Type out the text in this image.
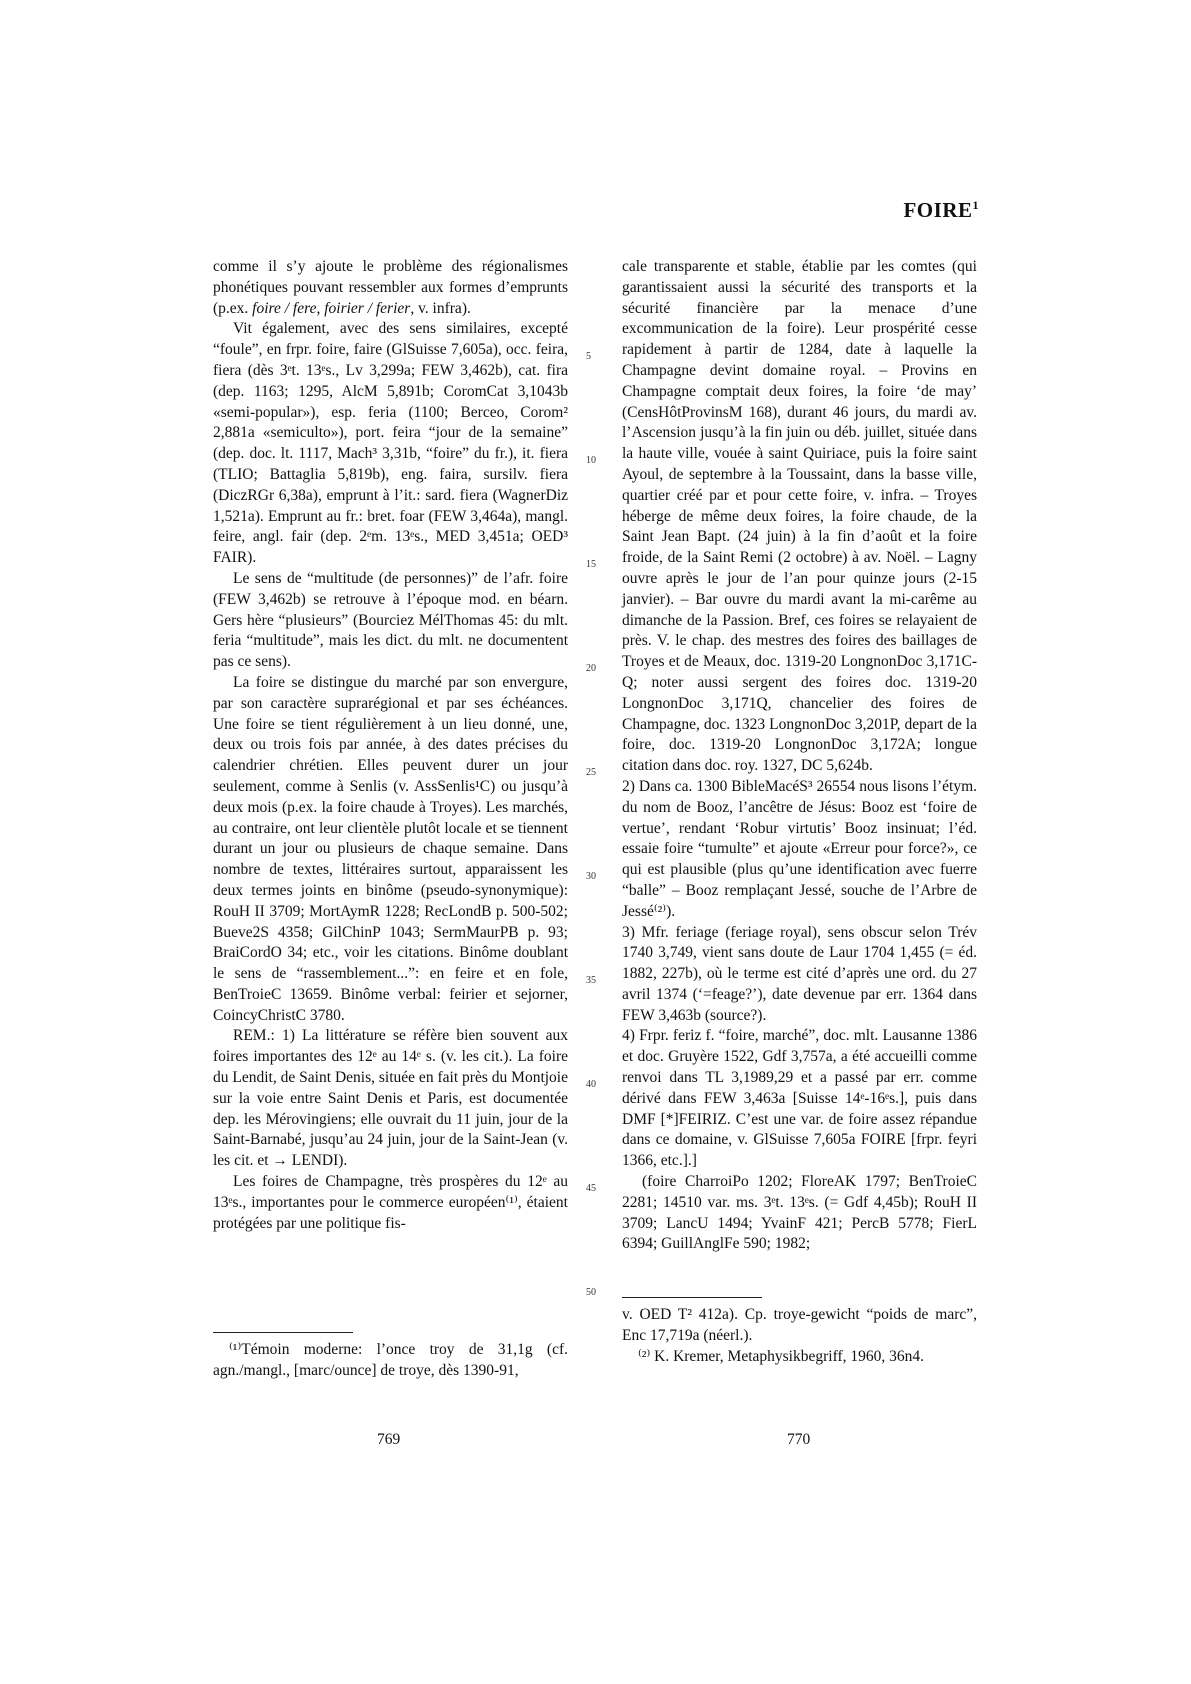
FOIRE$^1$

comme il s’y ajoute le problème des régionalismes phonétiques pouvant ressembler aux formes d’emprunts (p.ex. foire / fere, foirier / ferier, v. infra).

Vit également, avec des sens similaires, excepté “foule”, en frpr. foire, faire (GlSuisse 7,605a), occ. feira, fiera (dès 3ᵉt. 13ᵉs., Lv 3,299a; FEW 3,462b), cat. fira (dep. 1163; 1295, AlcM 5,891b; CoromCat 3,1043b «semi-popular»), esp. feria (1100; Berceo, Corom² 2,881a «semiculto»), port. feira “jour de la semaine” (dep. doc. lt. 1117, Mach³ 3,31b, “foire” du fr.), it. fiera (TLIO; Battaglia 5,819b), eng. faira, sursilv. fiera (DiczRGr 6,38a), emprunt à l’it.: sard. fiera (WagnerDiz 1,521a). Emprunt au fr.: bret. foar (FEW 3,464a), mangl. feire, angl. fair (dep. 2ᵉm. 13ᵉs., MED 3,451a; OED³ FAIR).

Le sens de “multitude (de personnes)” de l’afr. foire (FEW 3,462b) se retrouve à l’époque mod. en béarn. Gers hère “plusieurs” (Bourciez MélThomas 45: du mlt. feria “multitude”, mais les dict. du mlt. ne documentent pas ce sens).

La foire se distingue du marché par son envergure, par son caractère suprarégional et par ses échéances. Une foire se tient régulièrement à un lieu donné, une, deux ou trois fois par année, à des dates précises du calendrier chrétien. Elles peuvent durer un jour seulement, comme à Senlis (v. AssSenlis¹C) ou jusqu’à deux mois (p.ex. la foire chaude à Troyes). Les marchés, au contraire, ont leur clientèle plutôt locale et se tiennent durant un jour ou plusieurs de chaque semaine. Dans nombre de textes, littéraires surtout, apparaissent les deux termes joints en binôme (pseudo-synonymique): RouH II 3709; MortAymR 1228; RecLondB p. 500-502; Bueve2S 4358; GilChinP 1043; SermMaurPB p. 93; BraiCordO 34; etc., voir les citations. Binôme doublant le sens de “rassemblement...”: en feire et en fole, BenTroieC 13659. Binôme verbal: feirier et sejorner, CoincyChristC 3780.

REM.: 1) La littérature se réfère bien souvent aux foires importantes des 12ᵉ au 14ᵉ s. (v. les cit.). La foire du Lendit, de Saint Denis, située en fait près du Montjoie sur la voie entre Saint Denis et Paris, est documentée dep. les Mérovingiens; elle ouvrait du 11 juin, jour de la Saint-Barnabé, jusqu’au 24 juin, jour de la Saint-Jean (v. les cit. et → LENDI).

Les foires de Champagne, très prospères du 12ᵉ au 13ᵉs., importantes pour le commerce européen⁽¹⁾, étaient protégées par une politique fis-

5
10
15
20
25
30
35
40
45
50

cale transparente et stable, établie par les comtes (qui garantissaient aussi la sécurité des transports et la sécurité financière par la menace d’une excommunication de la foire). Leur prospérité cesse rapidement à partir de 1284, date à laquelle la Champagne devint domaine royal. – Provins en Champagne comptait deux foires, la foire ‘de may’ (CensHôtProvinsM 168), durant 46 jours, du mardi av. l’Ascension jusqu’à la fin juin ou déb. juillet, située dans la haute ville, vouée à saint Quiriace, puis la foire saint Ayoul, de septembre à la Toussaint, dans la basse ville, quartier créé par et pour cette foire, v. infra. – Troyes héberge de même deux foires, la foire chaude, de la Saint Jean Bapt. (24 juin) à la fin d’août et la foire froide, de la Saint Remi (2 octobre) à av. Noël. – Lagny ouvre après le jour de l’an pour quinze jours (2-15 janvier). – Bar ouvre du mardi avant la mi-carême au dimanche de la Passion. Bref, ces foires se relayaient de près. V. le chap. des mestres des foires des baillages de Troyes et de Meaux, doc. 1319-20 LongnonDoc 3,171C-Q; noter aussi sergent des foires doc. 1319-20 LongnonDoc 3,171Q, chancelier des foires de Champagne, doc. 1323 LongnonDoc 3,201P, depart de la foire, doc. 1319-20 LongnonDoc 3,172A; longue citation dans doc. roy. 1327, DC 5,624b.

2) Dans ca. 1300 BibleMacéS³ 26554 nous lisons l’étym. du nom de Booz, l’ancêtre de Jésus: Booz est ‘foire de vertue’, rendant ‘Robur virtutis’ Booz insinuat; l’éd. essaie foire “tumulte” et ajoute «Erreur pour force?», ce qui est plausible (plus qu’une identification avec fuerre “balle” – Booz remplaçant Jessé, souche de l’Arbre de Jessé⁽²⁾).

3) Mfr. feriage (feriage royal), sens obscur selon Trév 1740 3,749, vient sans doute de Laur 1704 1,455 (= éd. 1882, 227b), où le terme est cité d’après une ord. du 27 avril 1374 (‘=feage?’), date devenue par err. 1364 dans FEW 3,463b (source?).

4) Frpr. feriz f. “foire, marché”, doc. mlt. Lausanne 1386 et doc. Gruyère 1522, Gdf 3,757a, a été accueilli comme renvoi dans TL 3,1989,29 et a passé par err. comme dérivé dans FEW 3,463a [Suisse 14ᵉ-16ᵉs.], puis dans DMF [*]FEIRIZ. C’est une var. de foire assez répandue dans ce domaine, v. GlSuisse 7,605a FOIRE [frpr. feyri 1366, etc.].]

(foire CharroiPo 1202; FloreAK 1797; BenTroieC 2281; 14510 var. ms. 3ᵉt. 13ᵉs. (= Gdf 4,45b); RouH II 3709; LancU 1494; YvainF 421; PercB 5778; FierL 6394; GuillAnglFe 590; 1982;

⁽¹⁾Témoin moderne: l’once troy de 31,1g (cf. agn./mangl., [marc/ounce] de troye, dès 1390-91,

v. OED T² 412a). Cp. troye-gewicht “poids de marc”, Enc 17,719a (néerl.).

⁽²⁾ K. Kremer, Metaphysikbegriff, 1960, 36n4.

769	770
